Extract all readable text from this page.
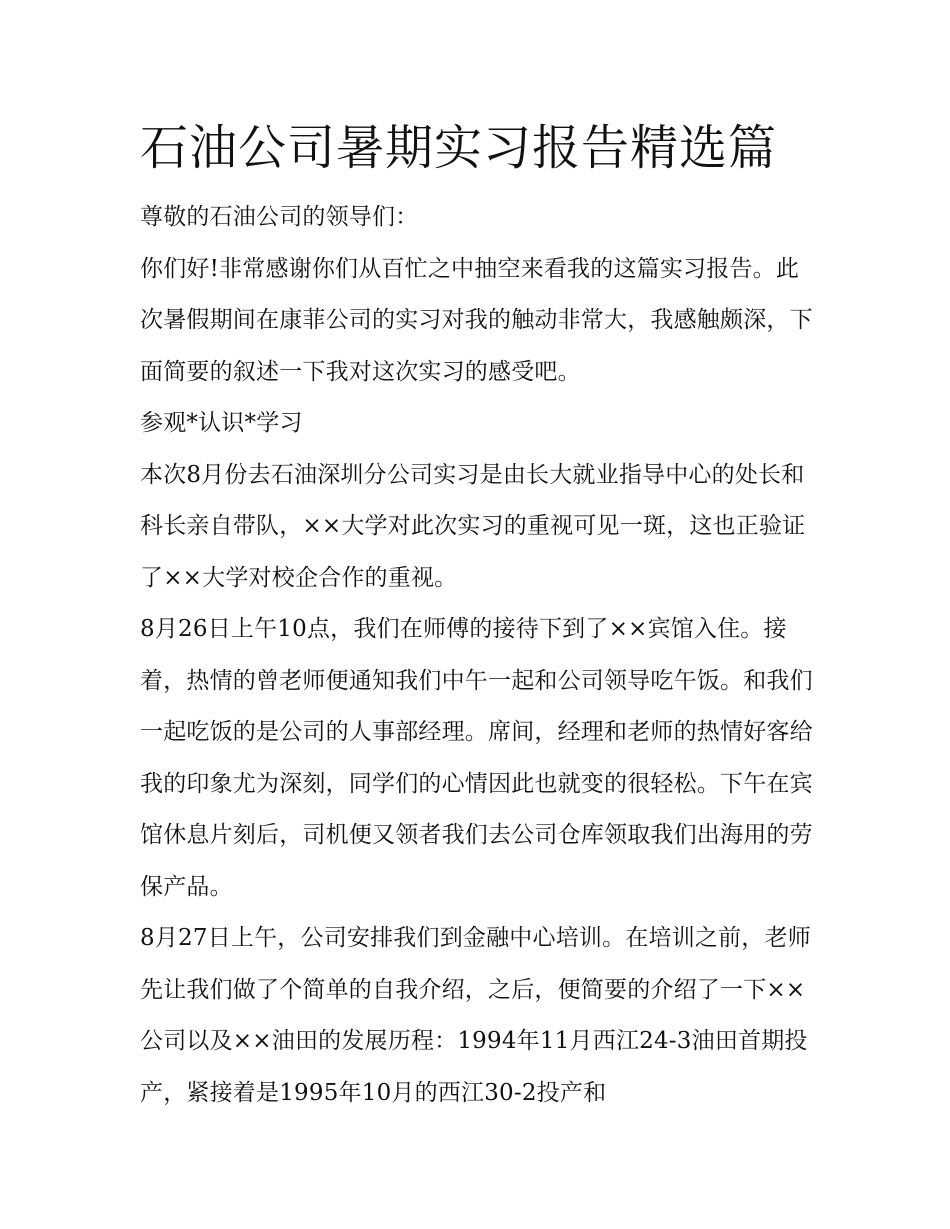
石油公司暑期实习报告精选篇

尊敬的石油公司的领导们：

你们好!非常感谢你们从百忙之中抽空来看我的这篇实习报告。此次暑假期间在康菲公司的实习对我的触动非常大，我感触颇深，下面简要的叙述一下我对这次实习的感受吧。

参观*认识*学习

本次8月份去石油深圳分公司实习是由长大就业指导中心的处长和科长亲自带队，××大学对此次实习的重视可见一斑，这也正验证了××大学对校企合作的重视。

8月26日上午10点，我们在师傅的接待下到了××宾馆入住。接着，热情的曾老师便通知我们中午一起和公司领导吃午饭。和我们一起吃饭的是公司的人事部经理。席间，经理和老师的热情好客给我的印象尤为深刻，同学们的心情因此也就变的很轻松。下午在宾馆休息片刻后，司机便又领者我们去公司仓库领取我们出海用的劳保产品。

8月27日上午，公司安排我们到金融中心培训。在培训之前，老师先让我们做了个简单的自我介绍，之后，便简要的介绍了一下××公司以及××油田的发展历程：1994年11月西江24-3油田首期投产，紧接着是1995年10月的西江30-2投产和
